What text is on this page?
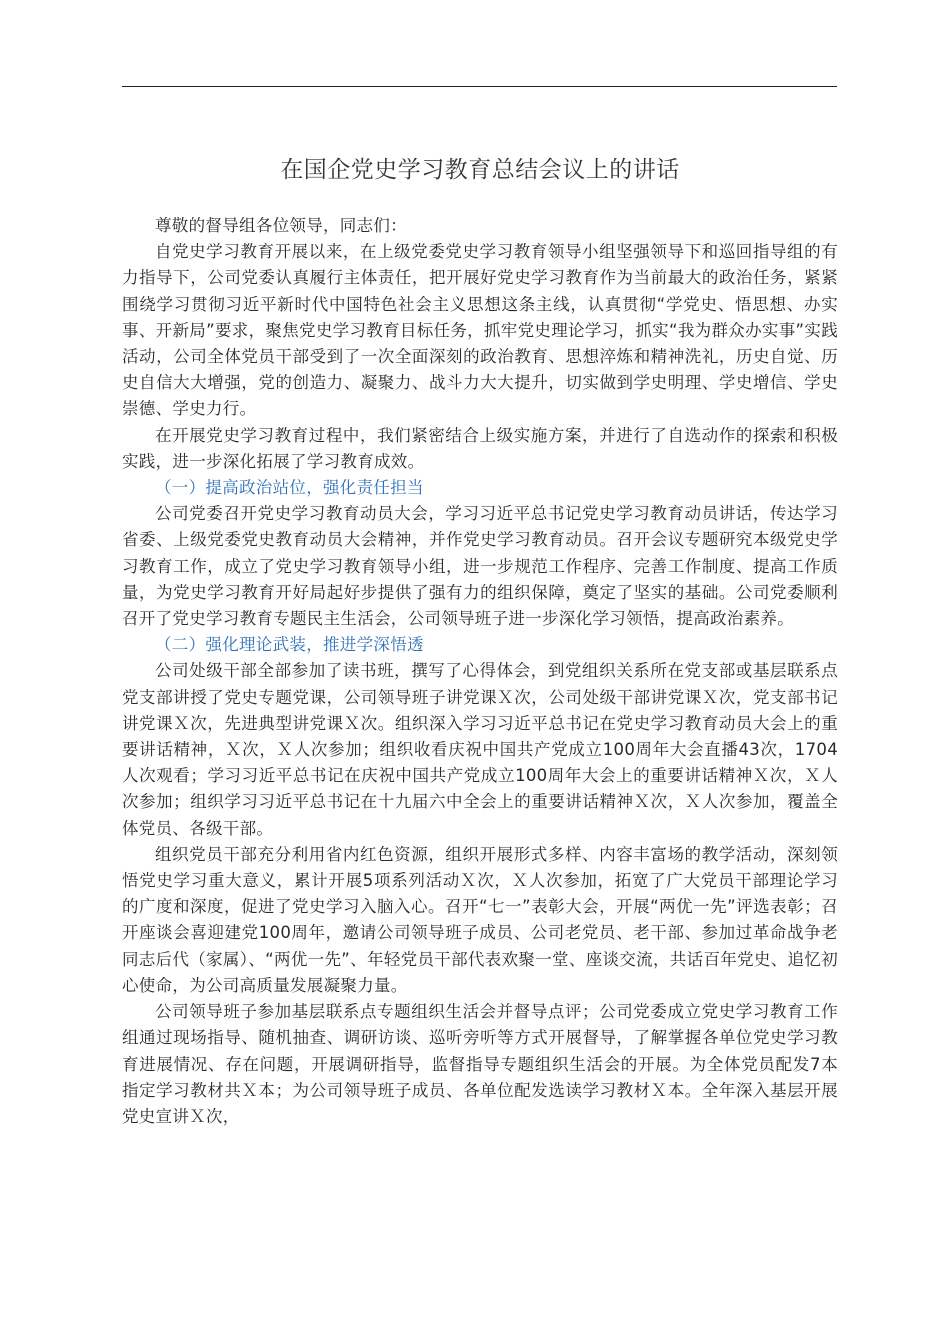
在国企党史学习教育总结会议上的讲话

尊敬的督导组各位领导，同志们：

自党史学习教育开展以来，在上级党委党史学习教育领导小组坚强领导下和巡回指导组的有力指导下，公司党委认真履行主体责任，把开展好党史学习教育作为当前最大的政治任务，紧紧围绕学习贯彻习近平新时代中国特色社会主义思想这条主线，认真贯彻“学党史、悟思想、办实事、开新局”要求，聚焦党史学习教育目标任务，抓牢党史理论学习，抓实“我为群众办实事”实践活动，公司全体党员干部受到了一次全面深刻的政治教育、思想淬炼和精神洗礼，历史自觉、历史自信大大增强，党的创造力、凝聚力、战斗力大大提升，切实做到学史明理、学史增信、学史崇德、学史力行。

在开展党史学习教育过程中，我们紧密结合上级实施方案，并进行了自选动作的探索和积极实践，进一步深化拓展了学习教育成效。

（一）提高政治站位，强化责任担当

公司党委召开党史学习教育动员大会，学习习近平总书记党史学习教育动员讲话，传达学习省委、上级党委党史教育动员大会精神，并作党史学习教育动员。召开会议专题研究本级党史学习教育工作，成立了党史学习教育领导小组，进一步规范工作程序、完善工作制度、提高工作质量，为党史学习教育开好局起好步提供了强有力的组织保障，奠定了坚实的基础。公司党委顺利召开了党史学习教育专题民主生活会，公司领导班子进一步深化学习领悟，提高政治素养。

（二）强化理论武装，推进学深悟透

公司处级干部全部参加了读书班，撰写了心得体会，到党组织关系所在党支部或基层联系点党支部讲授了党史专题党课，公司领导班子讲党课Ｘ次，公司处级干部讲党课Ｘ次，党支部书记讲党课Ｘ次，先进典型讲党课Ｘ次。组织深入学习习近平总书记在党史学习教育动员大会上的重要讲话精神，Ｘ次，Ｘ人次参加；组织收看庆祝中国共产党成立100周年大会直播43次，1704人次观看；学习习近平总书记在庆祝中国共产党成立100周年大会上的重要讲话精神Ｘ次，Ｘ人次参加；组织学习习近平总书记在十九届六中全会上的重要讲话精神Ｘ次，Ｘ人次参加，覆盖全体党员、各级干部。

组织党员干部充分利用省内红色资源，组织开展形式多样、内容丰富场的教学活动，深刻领悟党史学习重大意义，累计开展5项系列活动Ｘ次，Ｘ人次参加，拓宽了广大党员干部理论学习的广度和深度，促进了党史学习入脑入心。召开“七一”表彰大会，开展“两优一先”评选表彰；召开座谈会喜迎建党100周年，邀请公司领导班子成员、公司老党员、老干部、参加过革命战争老同志后代（家属）、“两优一先”、年轻党员干部代表欢聚一堂、座谈交流，共话百年党史、追忆初心使命，为公司高质量发展凝聚力量。

公司领导班子参加基层联系点专题组织生活会并督导点评；公司党委成立党史学习教育工作组通过现场指导、随机抽查、调研访谈、巡听旁听等方式开展督导，了解掌握各单位党史学习教育进展情况、存在问题，开展调研指导，监督指导专题组织生活会的开展。为全体党员配发7本指定学习教材共Ｘ本；为公司领导班子成员、各单位配发选读学习教材Ｘ本。全年深入基层开展党史宣讲Ｘ次，
